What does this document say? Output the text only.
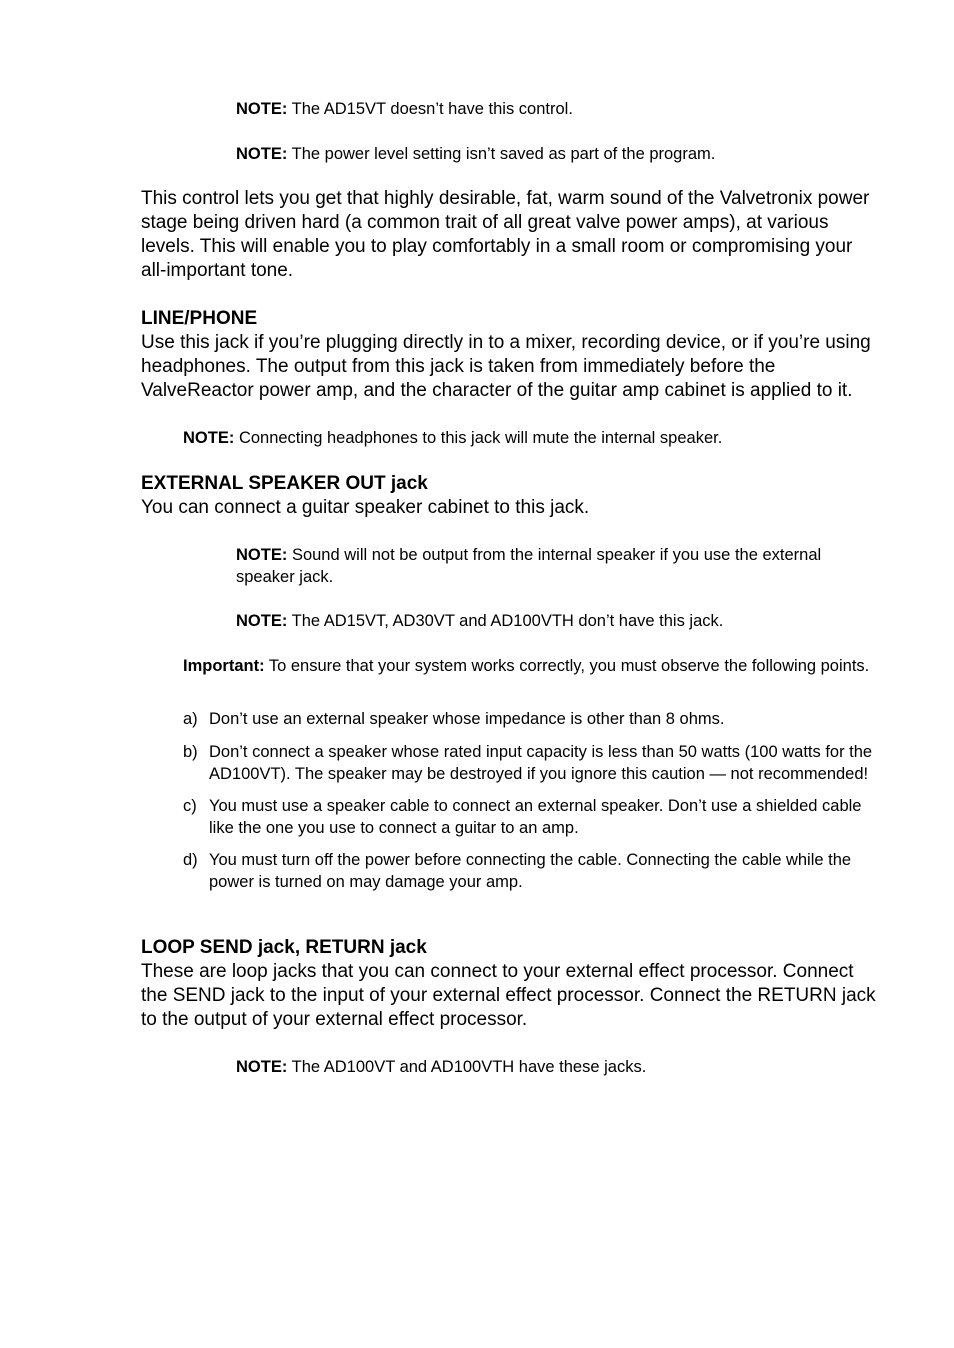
NOTE: The AD15VT doesn’t have this control.

NOTE: The power level setting isn’t saved as part of the program.

This control lets you get that highly desirable, fat, warm sound of the Valvetronix power stage being driven hard (a common trait of all great valve power amps), at various levels. This will enable you to play comfortably in a small room or compromising your all-important tone.

LINE/PHONE

Use this jack if you’re plugging directly in to a mixer, recording device, or if you’re using headphones. The output from this jack is taken from immediately before the ValveReactor power amp, and the character of the guitar amp cabinet is applied to it.

NOTE: Connecting headphones to this jack will mute the internal speaker.

EXTERNAL SPEAKER OUT jack

You can connect a guitar speaker cabinet to this jack.

NOTE: Sound will not be output from the internal speaker if you use the external speaker jack.

NOTE: The AD15VT, AD30VT and AD100VTH don’t have this jack.

Important: To ensure that your system works correctly, you must observe the following points.

a) Don’t use an external speaker whose impedance is other than 8 ohms.
b) Don’t connect a speaker whose rated input capacity is less than 50 watts (100 watts for the AD100VT). The speaker may be destroyed if you ignore this caution — not recommended!
c) You must use a speaker cable to connect an external speaker. Don’t use a shielded cable like the one you use to connect a guitar to an amp.
d) You must turn off the power before connecting the cable. Connecting the cable while the power is turned on may damage your amp.

LOOP SEND jack, RETURN jack

These are loop jacks that you can connect to your external effect processor. Connect the SEND jack to the input of your external effect processor. Connect the RETURN jack to the output of your external effect processor.

NOTE: The AD100VT and AD100VTH have these jacks.
